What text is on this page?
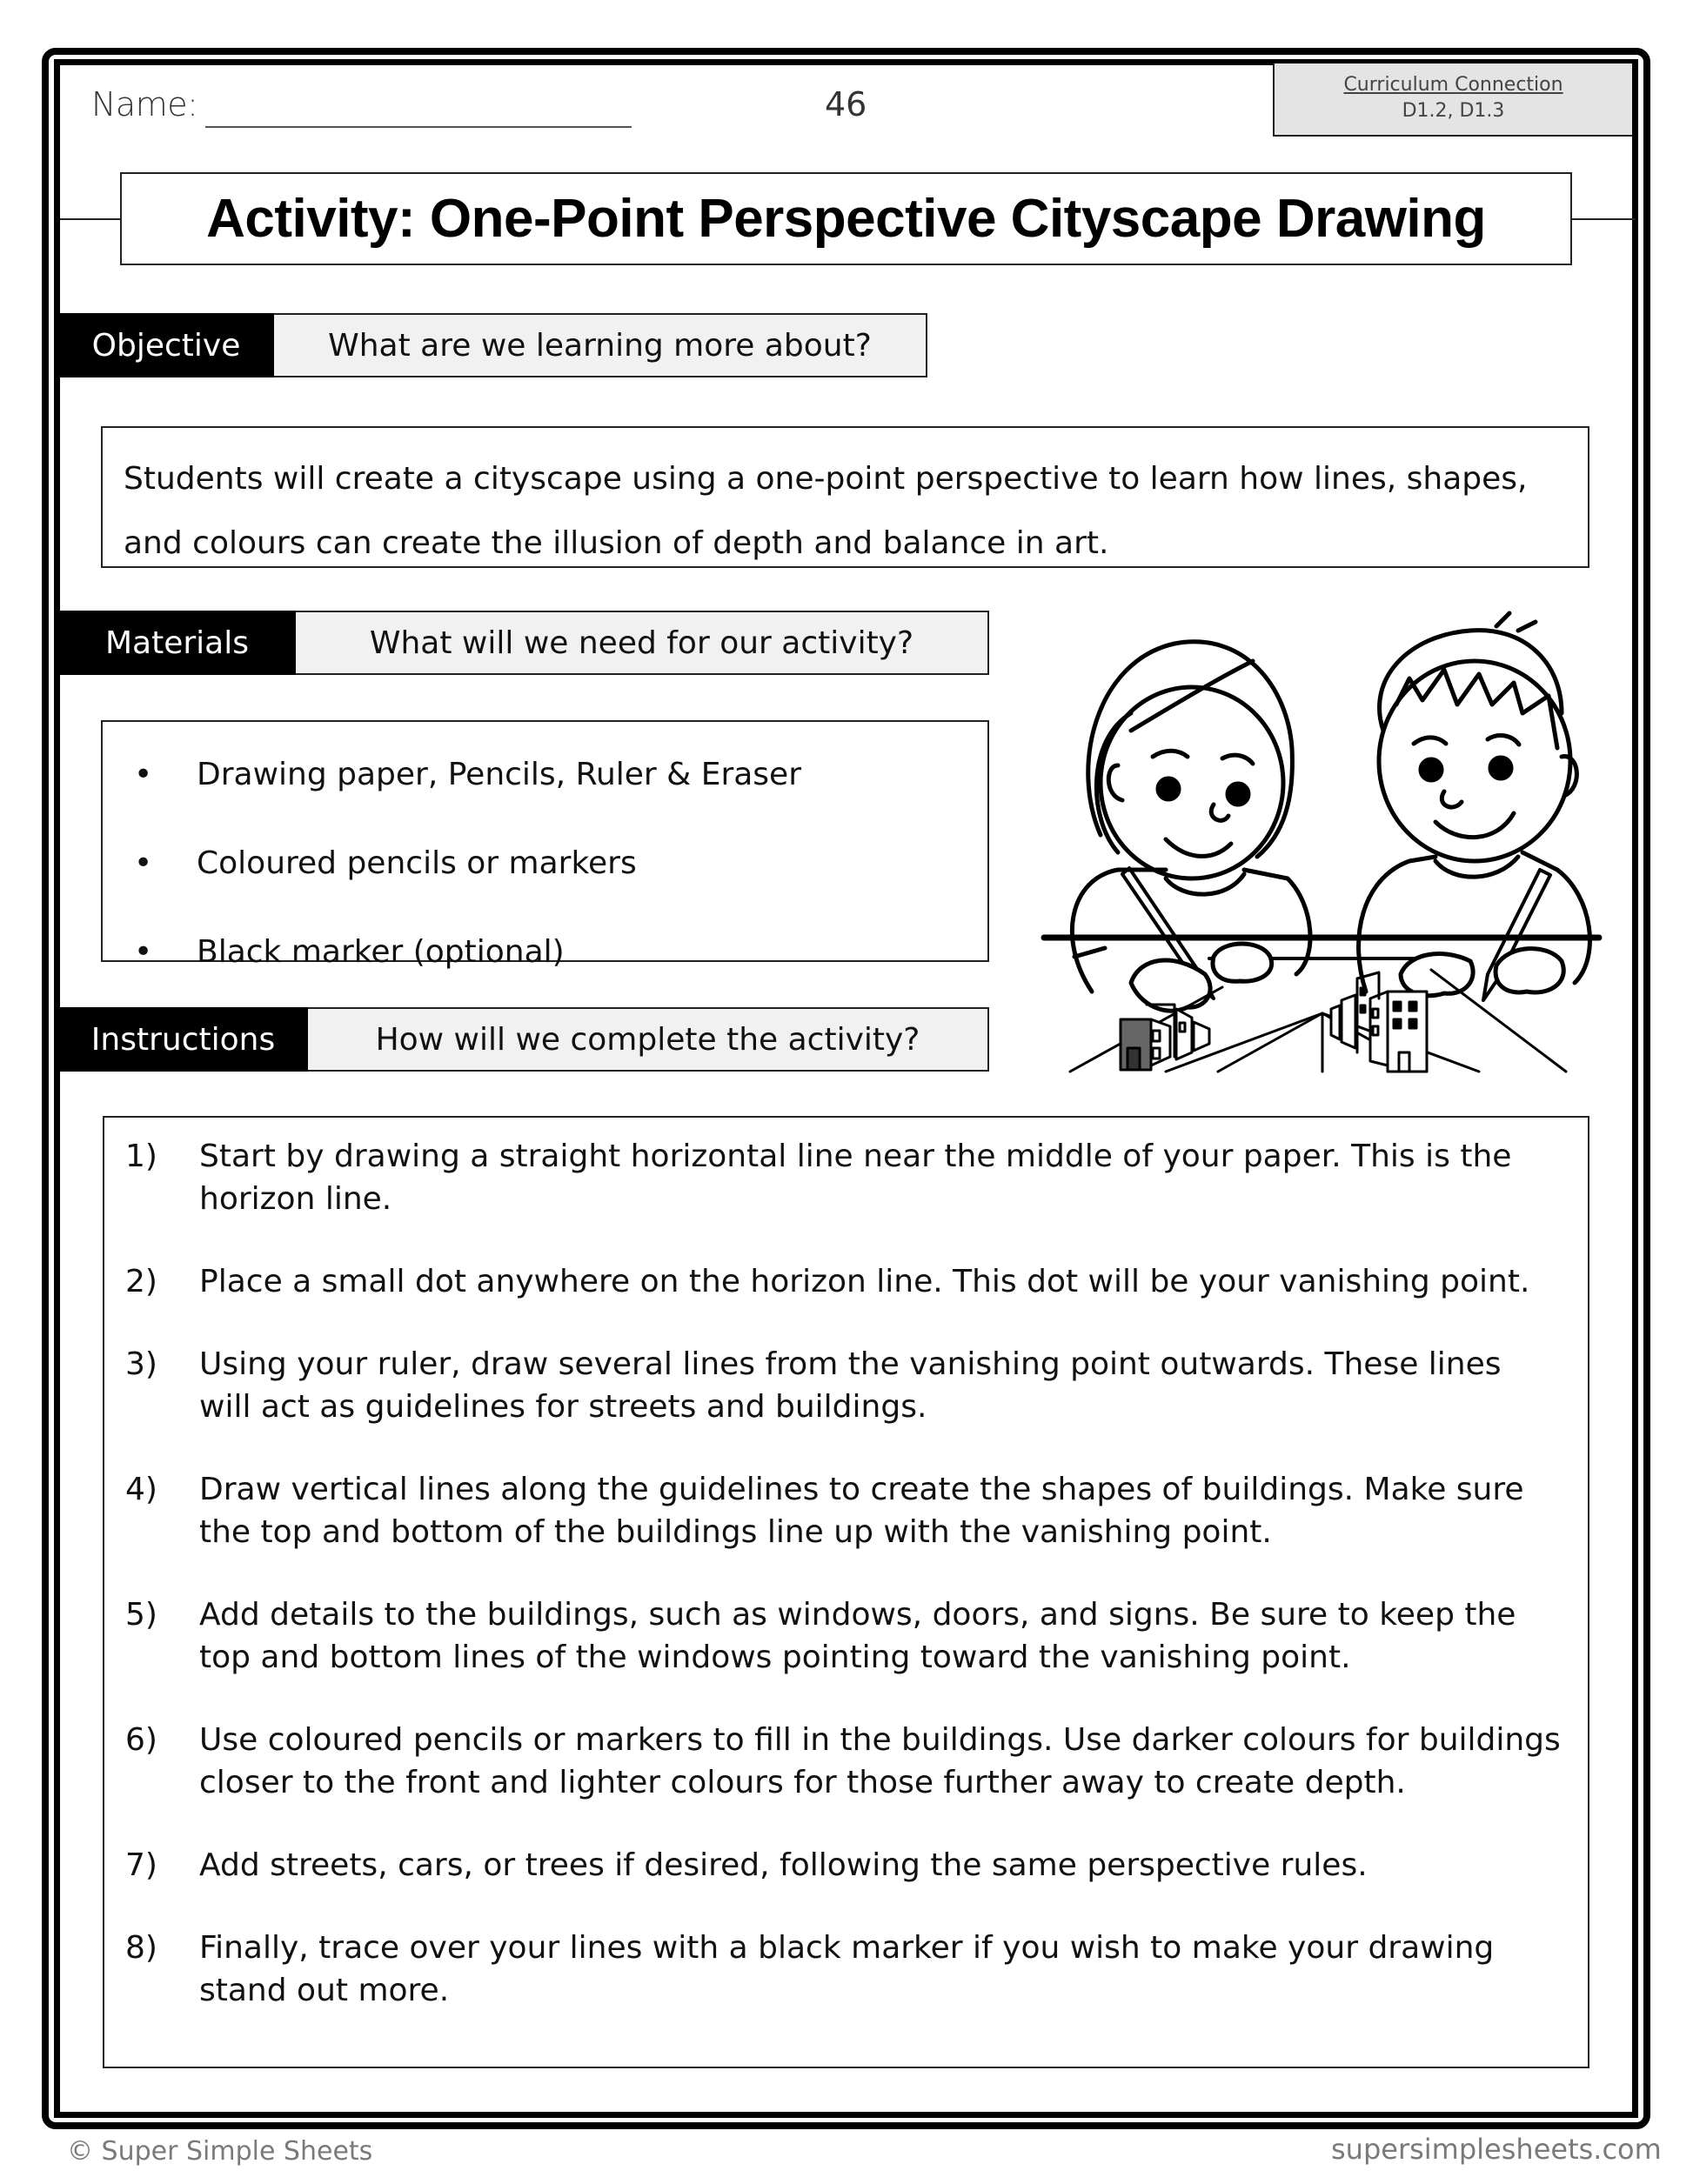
Name:	46
Curriculum Connection
D1.2, D1.3
Activity: One-Point Perspective Cityscape Drawing
Objective	What are we learning more about?
Students will create a cityscape using a one-point perspective to learn how lines, shapes, and colours can create the illusion of depth and balance in art.
Materials	What will we need for our activity?
•	Drawing paper, Pencils, Ruler & Eraser
•	Coloured pencils or markers
•	Black marker (optional)
Instructions	How will we complete the activity?
1)	Start by drawing a straight horizontal line near the middle of your paper. This is the horizon line.
2)	Place a small dot anywhere on the horizon line. This dot will be your vanishing point.
3)	Using your ruler, draw several lines from the vanishing point outwards. These lines will act as guidelines for streets and buildings.
4)	Draw vertical lines along the guidelines to create the shapes of buildings. Make sure the top and bottom of the buildings line up with the vanishing point.
5)	Add details to the buildings, such as windows, doors, and signs. Be sure to keep the top and bottom lines of the windows pointing toward the vanishing point.
6)	Use coloured pencils or markers to fill in the buildings. Use darker colours for buildings closer to the front and lighter colours for those further away to create depth.
7)	Add streets, cars, or trees if desired, following the same perspective rules.
8)	Finally, trace over your lines with a black marker if you wish to make your drawing stand out more.
© Super Simple Sheets	supersimplesheets.com
